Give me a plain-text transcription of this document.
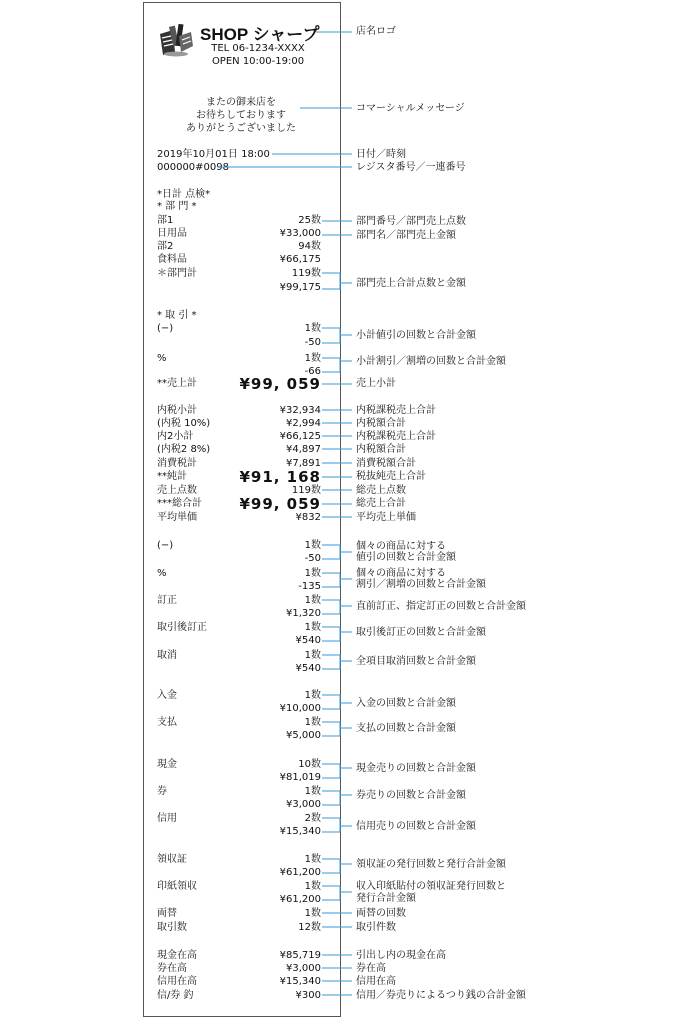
SHOP シャープ
TEL 06-1234-XXXX
OPEN 10:00-19:00
またの御来店を
お待ちしております
ありがとうございました
2019年10月01日 18:00
000000#0098
*日計 点検*
* 部 門 *
部1	25数
日用品	¥33,000
部2	94数
食料品	¥66,175
＊部門計	119数
¥99,175
* 取 引 *
(−)	1数
-50
%	1数
-66
**売上計	¥99, 059
内税小計	¥32,934
(内税 10%)	¥2,994
内2小計	¥66,125
(内税2 8%)	¥4,897
消費税計	¥7,891
**純計	¥91, 168
売上点数	119数
***総合計 ¥99, 059
平均単価	¥832
(−)	1数
-50
%	1数
-135
訂正	1数
¥1,320
取引後訂正	1数
¥540
取消	1数
¥540
入金	1数
¥10,000
支払	1数
¥5,000
現金	10数
¥81,019
券	1数
¥3,000
信用	2数
¥15,340
領収証	1数
¥61,200
印紙領収	1数
¥61,200
両替	1数
取引数	12数
現金在高	¥85,719
券在高	¥3,000
信用在高	¥15,340
信/券 釣	¥300
店名ロゴ
コマーシャルメッセージ
日付／時刻
レジスタ番号／一連番号
部門番号／部門売上点数
部門名／部門売上金額
部門売上合計点数と金額
小計値引の回数と合計金額
小計割引／割増の回数と合計金額
売上小計
内税課税売上合計
内税額合計
内税課税売上合計
内税額合計
消費税額合計
税抜純売上合計
総売上点数
総売上合計
平均売上単価
個々の商品に対する
値引の回数と合計金額
個々の商品に対する
割引／割増の回数と合計金額
直前訂正、指定訂正の回数と合計金額
取引後訂正の回数と合計金額
全項目取消回数と合計金額
入金の回数と合計金額
支払の回数と合計金額
現金売りの回数と合計金額
券売りの回数と合計金額
信用売りの回数と合計金額
領収証の発行回数と発行合計金額
収入印紙貼付の領収証発行回数と
発行合計金額
両替の回数
取引件数
引出し内の現金在高
券在高
信用在高
信用／券売りによるつり銭の合計金額
